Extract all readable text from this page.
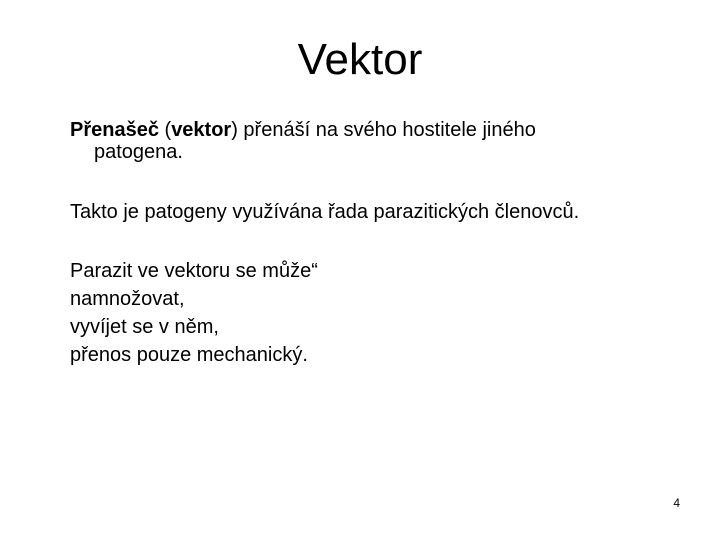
Vektor

Přenašeč (vektor) přenáší na svého hostitele jiného
patogena.

Takto je patogeny využívána řada parazitických členovců.

Parazit ve vektoru se může“
namnožovat,
vyvíjet se v něm,
přenos pouze mechanický.

4
